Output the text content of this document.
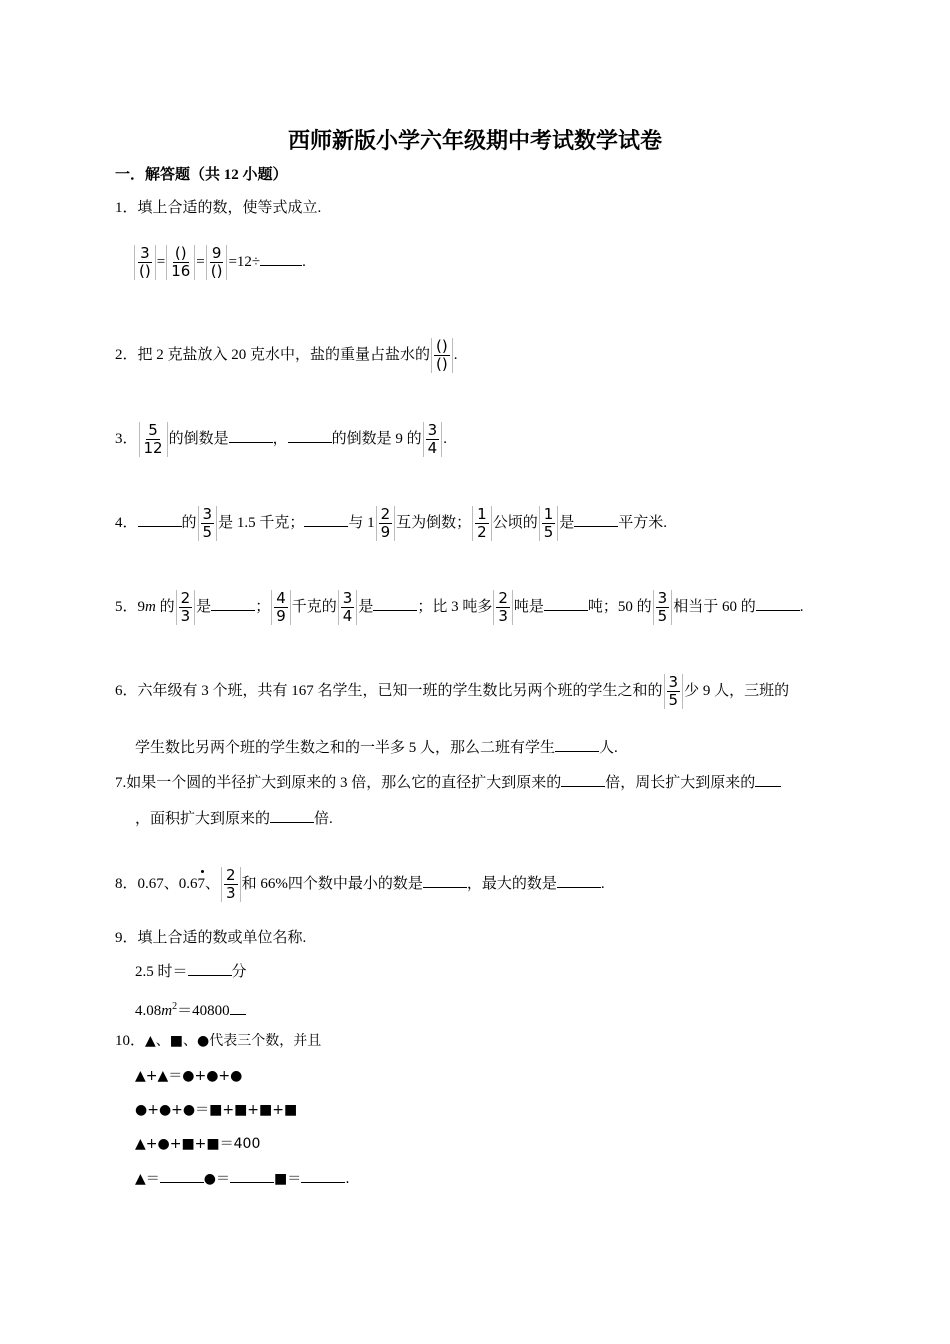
西师新版小学六年级期中考试数学试卷
一．解答题（共 12 小题）
1．填上合适的数，使等式成立.
$\frac{3}{()} = \frac{()}{16} = \frac{9}{()} =12\div$	.
2．把 2 克盐放入 20 克水中，盐的重量占盐水的 $\frac{()}{()}$ .
3． $\frac{5}{12}$ 的倒数是	，	的倒数是 9 的 $\frac{3}{4}$ .
4．	的 $\frac{3}{5}$ 是 1.5 千克；	与 $1 \frac{2}{9}$ 互为倒数； $\frac{1}{2}$ 公顷的 $\frac{1}{5}$ 是	平方米.
5．9m 的 $\frac{2}{3}$ 是	； $\frac{4}{9}$ 千克的 $\frac{3}{4}$ 是	；比 3 吨多 $\frac{2}{3}$ 吨是	吨；50 的 $\frac{3}{5}$ 相当于 60 的	.
6．六年级有 3 个班，共有 167 名学生，已知一班的学生数比另两个班的学生之和的 $\frac{3}{5}$ 少 9 人，三班的
学生数比另两个班的学生数之和的一半多 5 人，那么二班有学生	人.
7.如果一个圆的半径扩大到原来的 3 倍，那么它的直径扩大到原来的	倍，周长扩大到原来的
，面积扩大到原来的	倍.
8．0.67、0.67、 $\frac{2}{3}$ 和 66%四个数中最小的数是	，最大的数是	.
9．填上合适的数或单位名称.
2.5 时＝	分
$4.08m^2=40800$
10．▲、■、●代表三个数，并且
▲+▲＝●+●+●
●+●+●＝■+■+■+■
▲+●+■+■＝400
▲＝	●＝	■＝	.
